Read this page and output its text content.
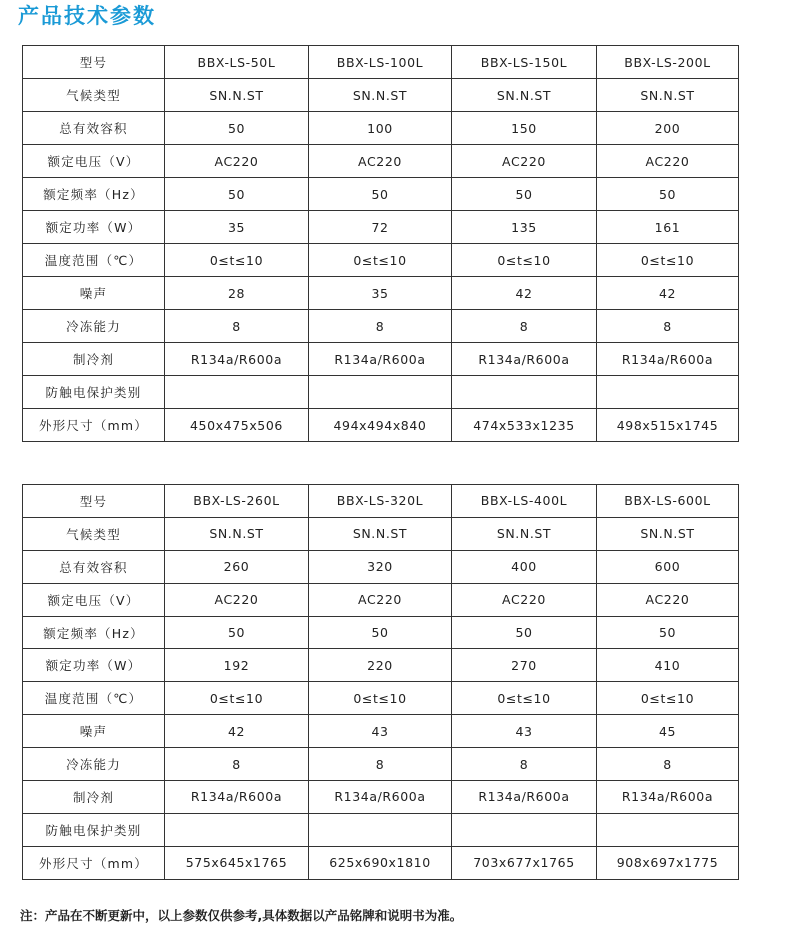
产品技术参数
型号	BBX-LS-50L	BBX-LS-100L	BBX-LS-150L	BBX-LS-200L
气候类型	SN.N.ST	SN.N.ST	SN.N.ST	SN.N.ST
总有效容积	50	100	150	200
额定电压（V）	AC220	AC220	AC220	AC220
额定频率（Hz）	50	50	50	50
额定功率（W）	35	72	135	161
温度范围（℃）	0≤t≤10	0≤t≤10	0≤t≤10	0≤t≤10
噪声	28	35	42	42
冷冻能力	8	8	8	8
制冷剂	R134a/R600a	R134a/R600a	R134a/R600a	R134a/R600a
防触电保护类别				
外形尺寸（mm）	450x475x506	494x494x840	474x533x1235	498x515x1745
型号	BBX-LS-260L	BBX-LS-320L	BBX-LS-400L	BBX-LS-600L
气候类型	SN.N.ST	SN.N.ST	SN.N.ST	SN.N.ST
总有效容积	260	320	400	600
额定电压（V）	AC220	AC220	AC220	AC220
额定频率（Hz）	50	50	50	50
额定功率（W）	192	220	270	410
温度范围（℃）	0≤t≤10	0≤t≤10	0≤t≤10	0≤t≤10
噪声	42	43	43	45
冷冻能力	8	8	8	8
制冷剂	R134a/R600a	R134a/R600a	R134a/R600a	R134a/R600a
防触电保护类别				
外形尺寸（mm）	575x645x1765	625x690x1810	703x677x1765	908x697x1775
注：产品在不断更新中，以上参数仅供参考,具体数据以产品铭牌和说明书为准。
